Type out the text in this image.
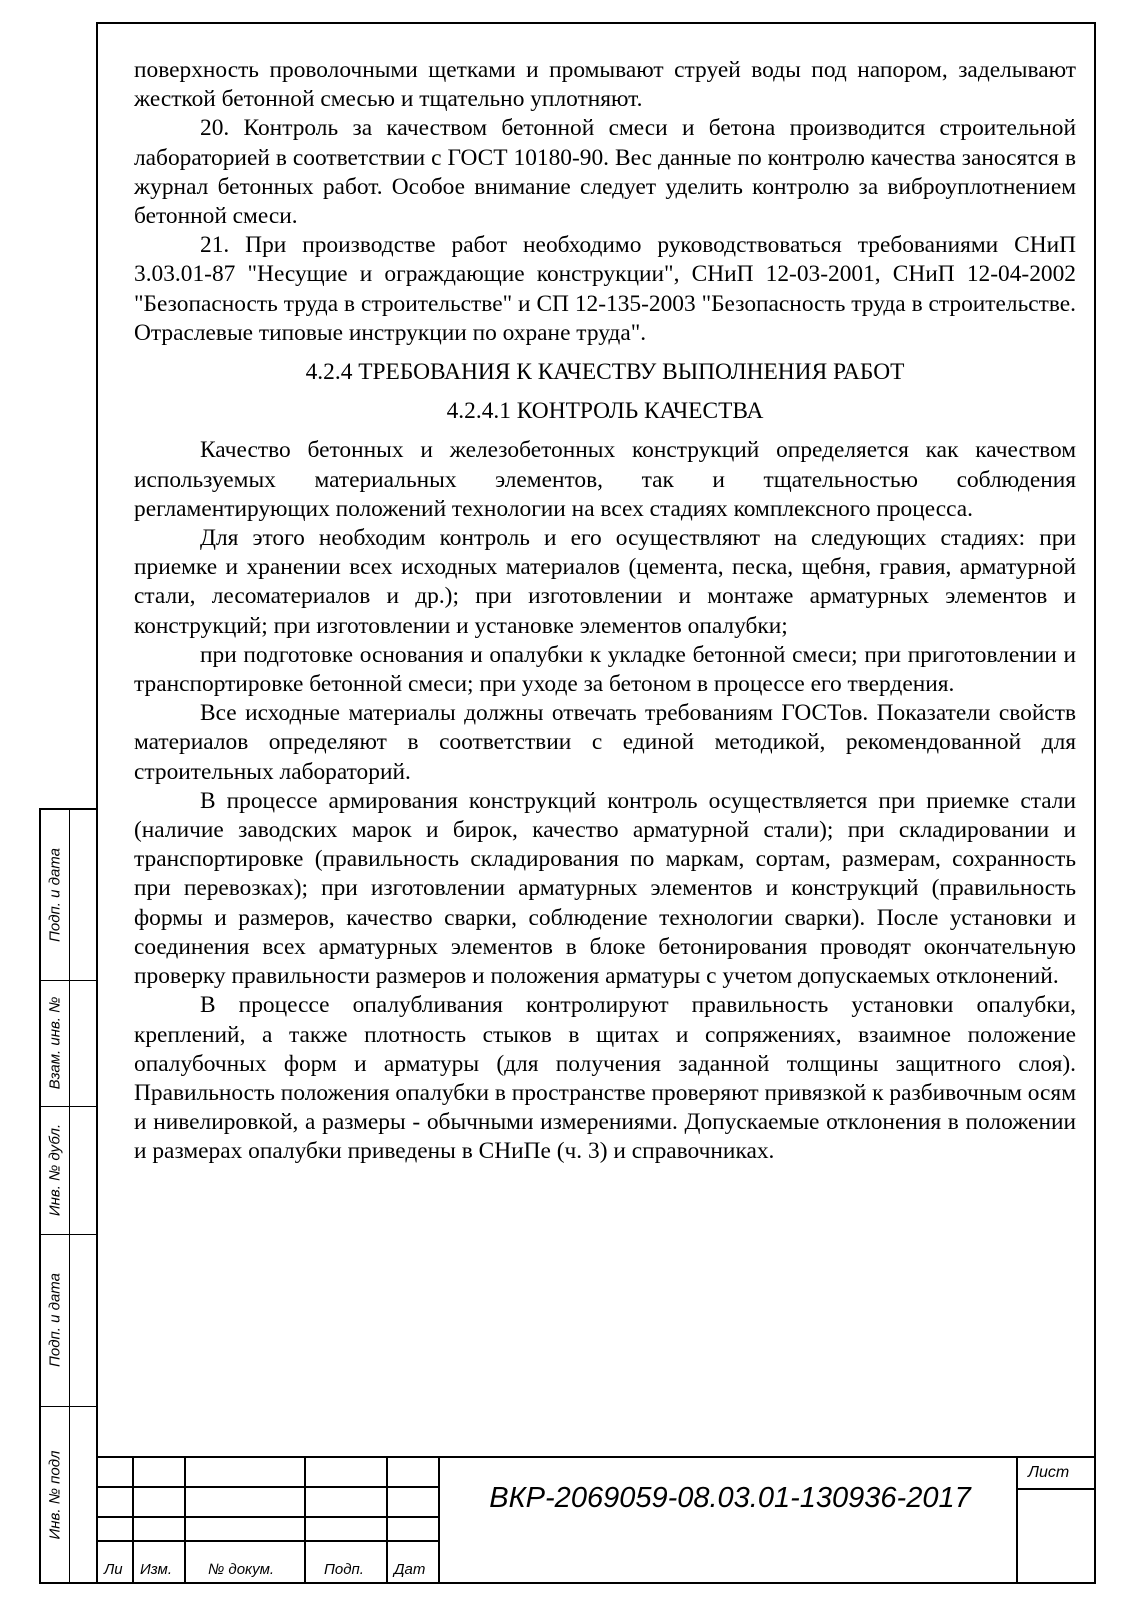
поверхность проволочными щетками и промывают струей воды под напором, заделывают жесткой бетонной смесью и тщательно уплотняют.

20. Контроль за качеством бетонной смеси и бетона производится строительной лабораторией в соответствии с ГОСТ 10180-90. Вес данные по контролю качества заносятся в журнал бетонных работ. Особое внимание следует уделить контролю за виброуплотнением бетонной смеси.

21. При производстве работ необходимо руководствоваться требованиями СНиП 3.03.01-87 "Несущие и ограждающие конструкции", СНиП 12-03-2001, СНиП 12-04-2002 "Безопасность труда в строительстве" и СП 12-135-2003 "Безопасность труда в строительстве. Отраслевые типовые инструкции по охране труда".

4.2.4 ТРЕБОВАНИЯ К КАЧЕСТВУ ВЫПОЛНЕНИЯ РАБОТ

4.2.4.1 КОНТРОЛЬ КАЧЕСТВА

Качество бетонных и железобетонных конструкций определяется как качеством используемых материальных элементов, так и тщательностью соблюдения регламентирующих положений технологии на всех стадиях комплексного процесса.

Для этого необходим контроль и его осуществляют на следующих стадиях: при приемке и хранении всех исходных материалов (цемента, песка, щебня, гравия, арматурной стали, лесоматериалов и др.); при изготовлении и монтаже арматурных элементов и конструкций; при изготовлении и установке элементов опалубки;

при подготовке основания и опалубки к укладке бетонной смеси; при приготовлении и транспортировке бетонной смеси; при уходе за бетоном в процессе его твердения.

Все исходные материалы должны отвечать требованиям ГОСТов. Показатели свойств материалов определяют в соответствии с единой методикой, рекомендованной для строительных лабораторий.

В процессе армирования конструкций контроль осуществляется при приемке стали (наличие заводских марок и бирок, качество арматурной стали); при складировании и транспортировке (правильность складирования по маркам, сортам, размерам, сохранность при перевозках); при изготовлении арматурных элементов и конструкций (правильность формы и размеров, качество сварки, соблюдение технологии сварки). После установки и соединения всех арматурных элементов в блоке бетонирования проводят окончательную проверку правильности размеров и положения арматуры с учетом допускаемых отклонений.

В процессе опалубливания контролируют правильность установки опалубки, креплений, а также плотность стыков в щитах и сопряжениях, взаимное положение опалубочных форм и арматуры (для получения заданной толщины защитного слоя). Правильность положения опалубки в пространстве проверяют привязкой к разбивочным осям и нивелировкой, а размеры - обычными измерениями. Допускаемые отклонения в положении и размерах опалубки приведены в СНиПе (ч. 3) и справочниках.

Подп. и дата
Взам. инв. №
Инв. № дубл.
Подп. и дата
Инв. № подл
Ли Изм. № докум.	Подп. Дат
Лист
ВКР-2069059-08.03.01-130936-2017
